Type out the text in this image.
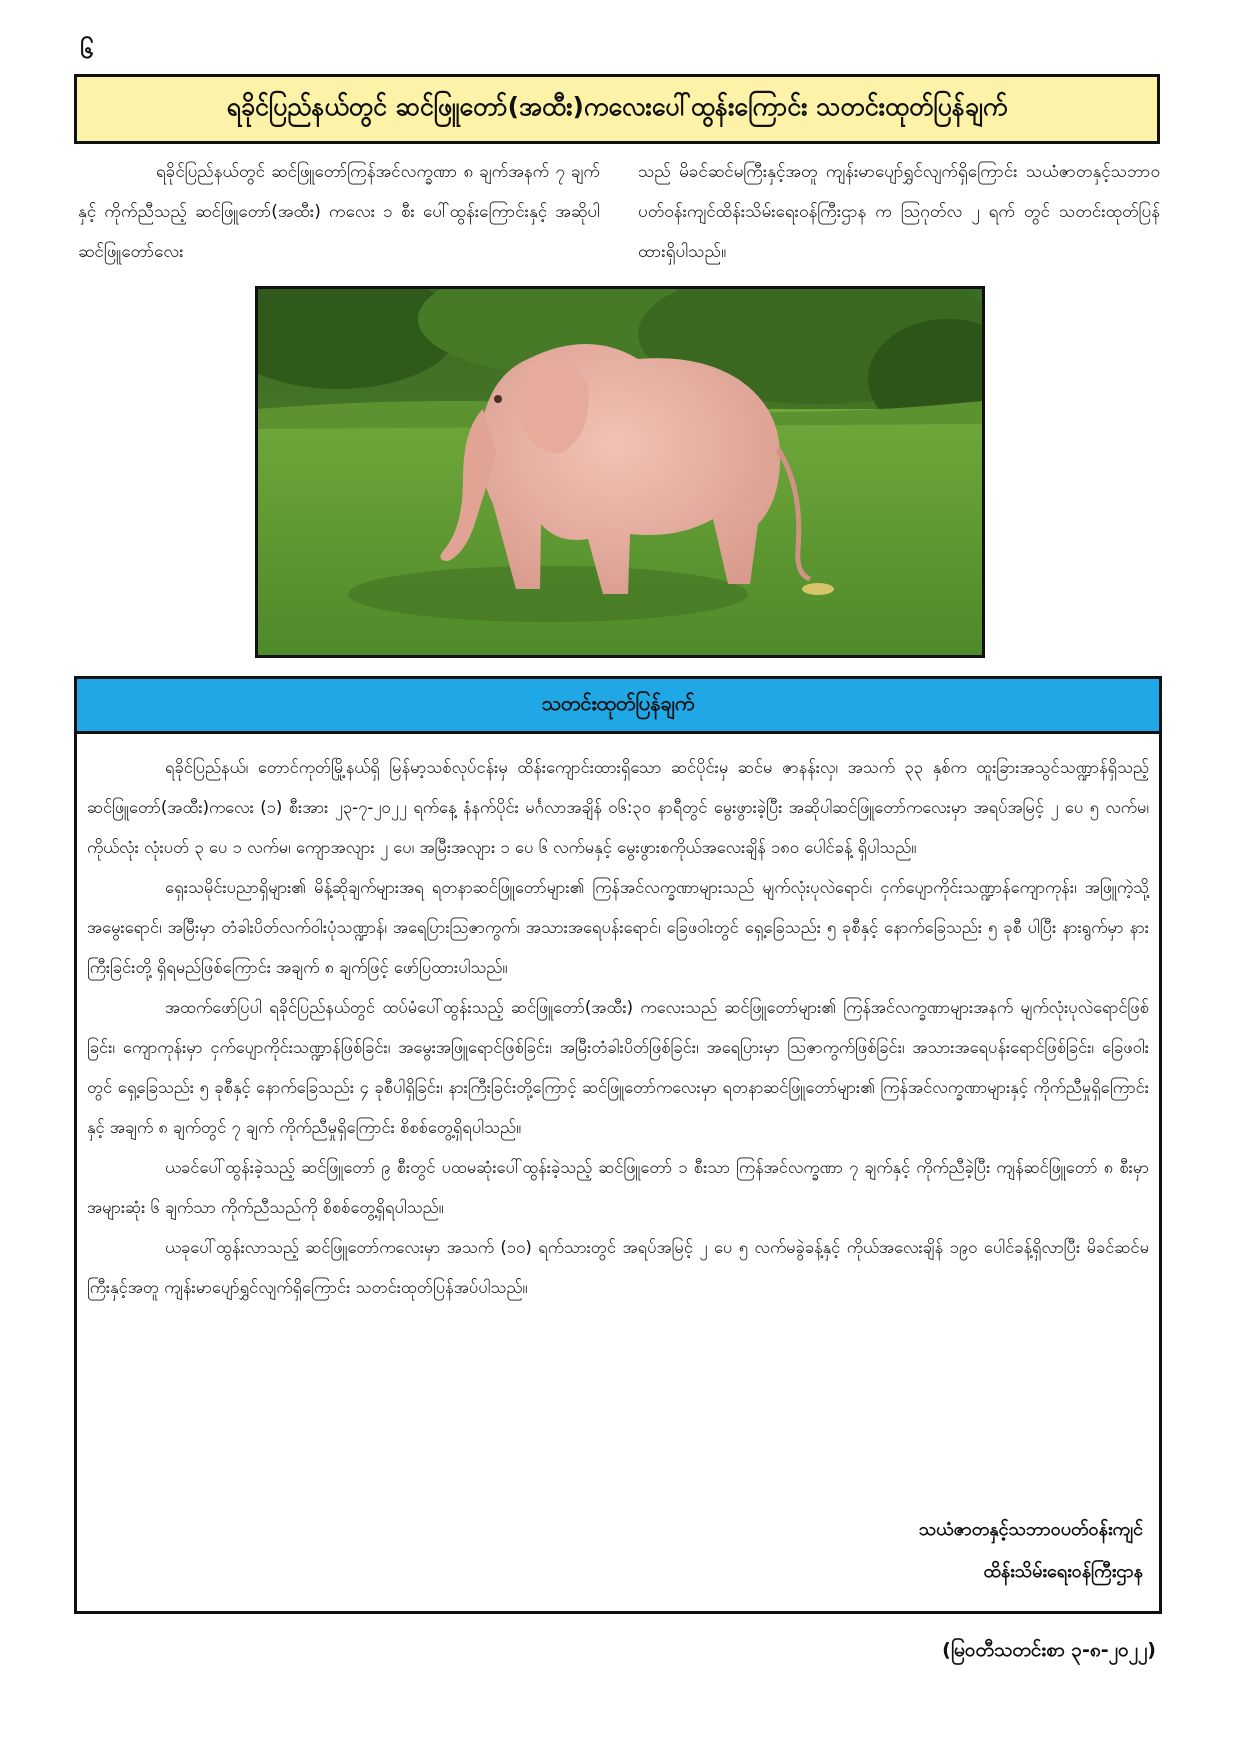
၆
ရခိုင်ပြည်နယ်တွင် ဆင်ဖြူတော်(အထီး)ကလေးပေါ်ထွန်းကြောင်း သတင်းထုတ်ပြန်ချက်
ရခိုင်ပြည်နယ်တွင် ဆင်ဖြူတော်ကြန်အင်လက္ခဏာ ၈ ချက်အနက် ၇ ချက်နှင့် ကိုက်ညီသည့် ဆင်ဖြူတော်(အထီး) ကလေး ၁ စီး ပေါ်ထွန်းကြောင်းနှင့် အဆိုပါဆင်ဖြူတော်လေး
သည် မိခင်ဆင်မကြီးနှင့်အတူ ကျန်းမာပျော်ရွှင်လျက်ရှိကြောင်း သယံဇာတနှင့်သဘာဝပတ်ဝန်းကျင်ထိန်းသိမ်းရေးဝန်ကြီးဌာန က ဩဂုတ်လ ၂ ရက် တွင် သတင်းထုတ်ပြန်ထားရှိပါသည်။
သတင်းထုတ်ပြန်ချက်

ရခိုင်ပြည်နယ်၊ တောင်ကုတ်မြို့နယ်ရှိ မြန်မာ့သစ်လုပ်ငန်းမှ ထိန်းကျောင်းထားရှိသော ဆင်ပိုင်းမှ ဆင်မ ဇာနန်းလှ၊ အသက် ၃၃ နှစ်က ထူးခြားအသွင်သဏ္ဍာန်ရှိသည့် ဆင်ဖြူတော်(အထီး)ကလေး (၁) စီးအား ၂၃-၇-၂၀၂၂ ရက်နေ့ နံနက်ပိုင်း မင်္ဂလာအချိန် ၀၆:၃၀ နာရီတွင် မွေးဖွားခဲ့ပြီး အဆိုပါဆင်ဖြူတော်ကလေးမှာ အရပ်အမြင့် ၂ ပေ ၅ လက်မ၊ ကိုယ်လုံး လုံးပတ် ၃ ပေ ၁ လက်မ၊ ကျောအလျား ၂ ပေ၊ အမြီးအလျား ၁ ပေ ၆ လက်မနှင့် မွေးဖွားစကိုယ်အလေးချိန် ၁၈၀ ပေါင်ခန့် ရှိပါသည်။

ရှေးသမိုင်းပညာရှိများ၏ မိန့်ဆိုချက်များအရ ရတနာဆင်ဖြူတော်များ၏ ကြန်အင်လက္ခဏာများသည် မျက်လုံးပုလဲရောင်၊ ငှက်ပျောကိုင်းသဏ္ဍာန်ကျောကုန်း၊ အဖြူကဲ့သို့အမွေးရောင်၊ အမြီးမှာ တံခါးပိတ်လက်ဝါးပုံသဏ္ဍာန်၊ အရေပြားဩဇာကွက်၊ အသားအရေပန်းရောင်၊ ခြေဖဝါးတွင် ရှေ့ခြေသည်း ၅ ခုစီနှင့် နောက်ခြေသည်း ၅ ခုစီ ပါပြီး နားရွက်မှာ နားကြီးခြင်းတို့ ရှိရမည်ဖြစ်ကြောင်း အချက် ၈ ချက်ဖြင့် ဖော်ပြထားပါသည်။

အထက်ဖော်ပြပါ ရခိုင်ပြည်နယ်တွင် ထပ်မံပေါ်ထွန်းသည့် ဆင်ဖြူတော်(အထီး) ကလေးသည် ဆင်ဖြူတော်များ၏ ကြန်အင်လက္ခဏာများအနက် မျက်လုံးပုလဲရောင်ဖြစ်ခြင်း၊ ကျောကုန်းမှာ ငှက်ပျောကိုင်းသဏ္ဍာန်ဖြစ်ခြင်း၊ အမွေးအဖြူရောင်ဖြစ်ခြင်း၊ အမြီးတံခါးပိတ်ဖြစ်ခြင်း၊ အရေပြားမှာ ဩဇာကွက်ဖြစ်ခြင်း၊ အသားအရေပန်းရောင်ဖြစ်ခြင်း၊ ခြေဖဝါးတွင် ရှေ့ခြေသည်း ၅ ခုစီနှင့် နောက်ခြေသည်း ၄ ခုစီပါရှိခြင်း၊ နားကြီးခြင်းတို့ကြောင့် ဆင်ဖြူတော်ကလေးမှာ ရတနာဆင်ဖြူတော်များ၏ ကြန်အင်လက္ခဏာများနှင့် ကိုက်ညီမှုရှိကြောင်းနှင့် အချက် ၈ ချက်တွင် ၇ ချက် ကိုက်ညီမှုရှိကြောင်း စိစစ်တွေ့ရှိရပါသည်။

ယခင်ပေါ်ထွန်းခဲ့သည့် ဆင်ဖြူတော် ၉ စီးတွင် ပထမဆုံးပေါ်ထွန်းခဲ့သည့် ဆင်ဖြူတော် ၁ စီးသာ ကြန်အင်လက္ခဏာ ၇ ချက်နှင့် ကိုက်ညီခဲ့ပြီး ကျန်ဆင်ဖြူတော် ၈ စီးမှာ အများဆုံး ၆ ချက်သာ ကိုက်ညီသည်ကို စိစစ်တွေ့ရှိရပါသည်။

ယခုပေါ်ထွန်းလာသည့် ဆင်ဖြူတော်ကလေးမှာ အသက် (၁၀) ရက်သားတွင် အရပ်အမြင့် ၂ ပေ ၅ လက်မခွဲခန့်နှင့် ကိုယ်အလေးချိန် ၁၉၀ ပေါင်ခန့်ရှိလာပြီး မိခင်ဆင်မကြီးနှင့်အတူ ကျန်းမာပျော်ရွှင်လျက်ရှိကြောင်း သတင်းထုတ်ပြန်အပ်ပါသည်။

သယံဇာတနှင့်သဘာဝပတ်ဝန်းကျင်
ထိန်းသိမ်းရေးဝန်ကြီးဌာန
(မြဝတီသတင်းစာ ၃-၈-၂၀၂၂)
